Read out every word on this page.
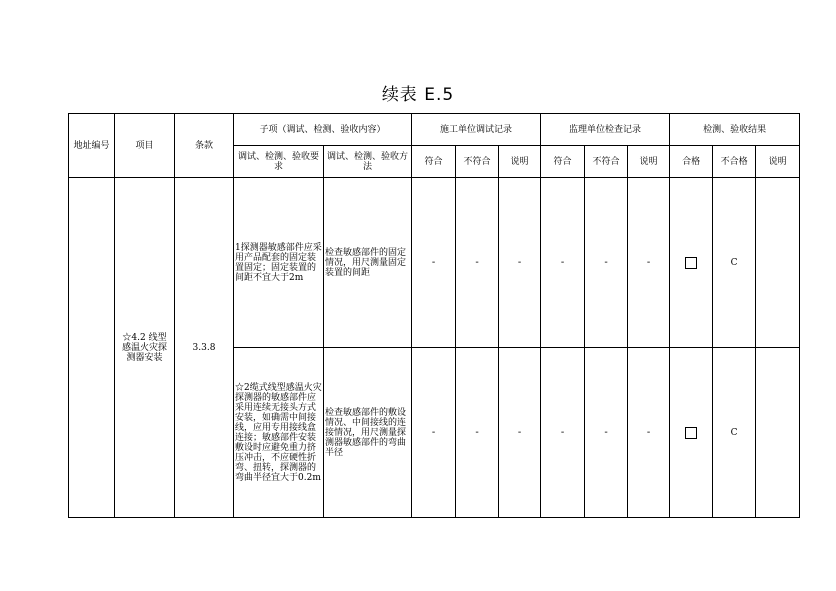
续表 E.5
地址编号	项目	条款	子项（调试、检测、验收内容）		施工单位调试记录			监理单位检查记录			检测、验收结果		
			调试、检测、验收要求	调试、检测、验收方法	符合	不符合	说明	符合	不符合	说明	合格	不合格	说明
	☆4.2 线型感温火灾探测器安装	3.3.8	1探测器敏感部件应采用产品配套的固定装置固定；固定装置的间距不宜大于2m	检查敏感部件的固定情况，用尺测量固定装置的间距	-	-	-	-	-	-		C	
			☆2缆式线型感温火灾探测器的敏感部件应采用连续无接头方式安装，如确需中间接线，应用专用接线盒连接；敏感部件安装敷设时应避免重力挤压冲击，不应硬性折弯、扭转，探测器的弯曲半径宜大于0.2m	检查敏感部件的敷设情况、中间接线的连接情况，用尺测量探测器敏感部件的弯曲半径	-	-	-	-	-	-		C	
